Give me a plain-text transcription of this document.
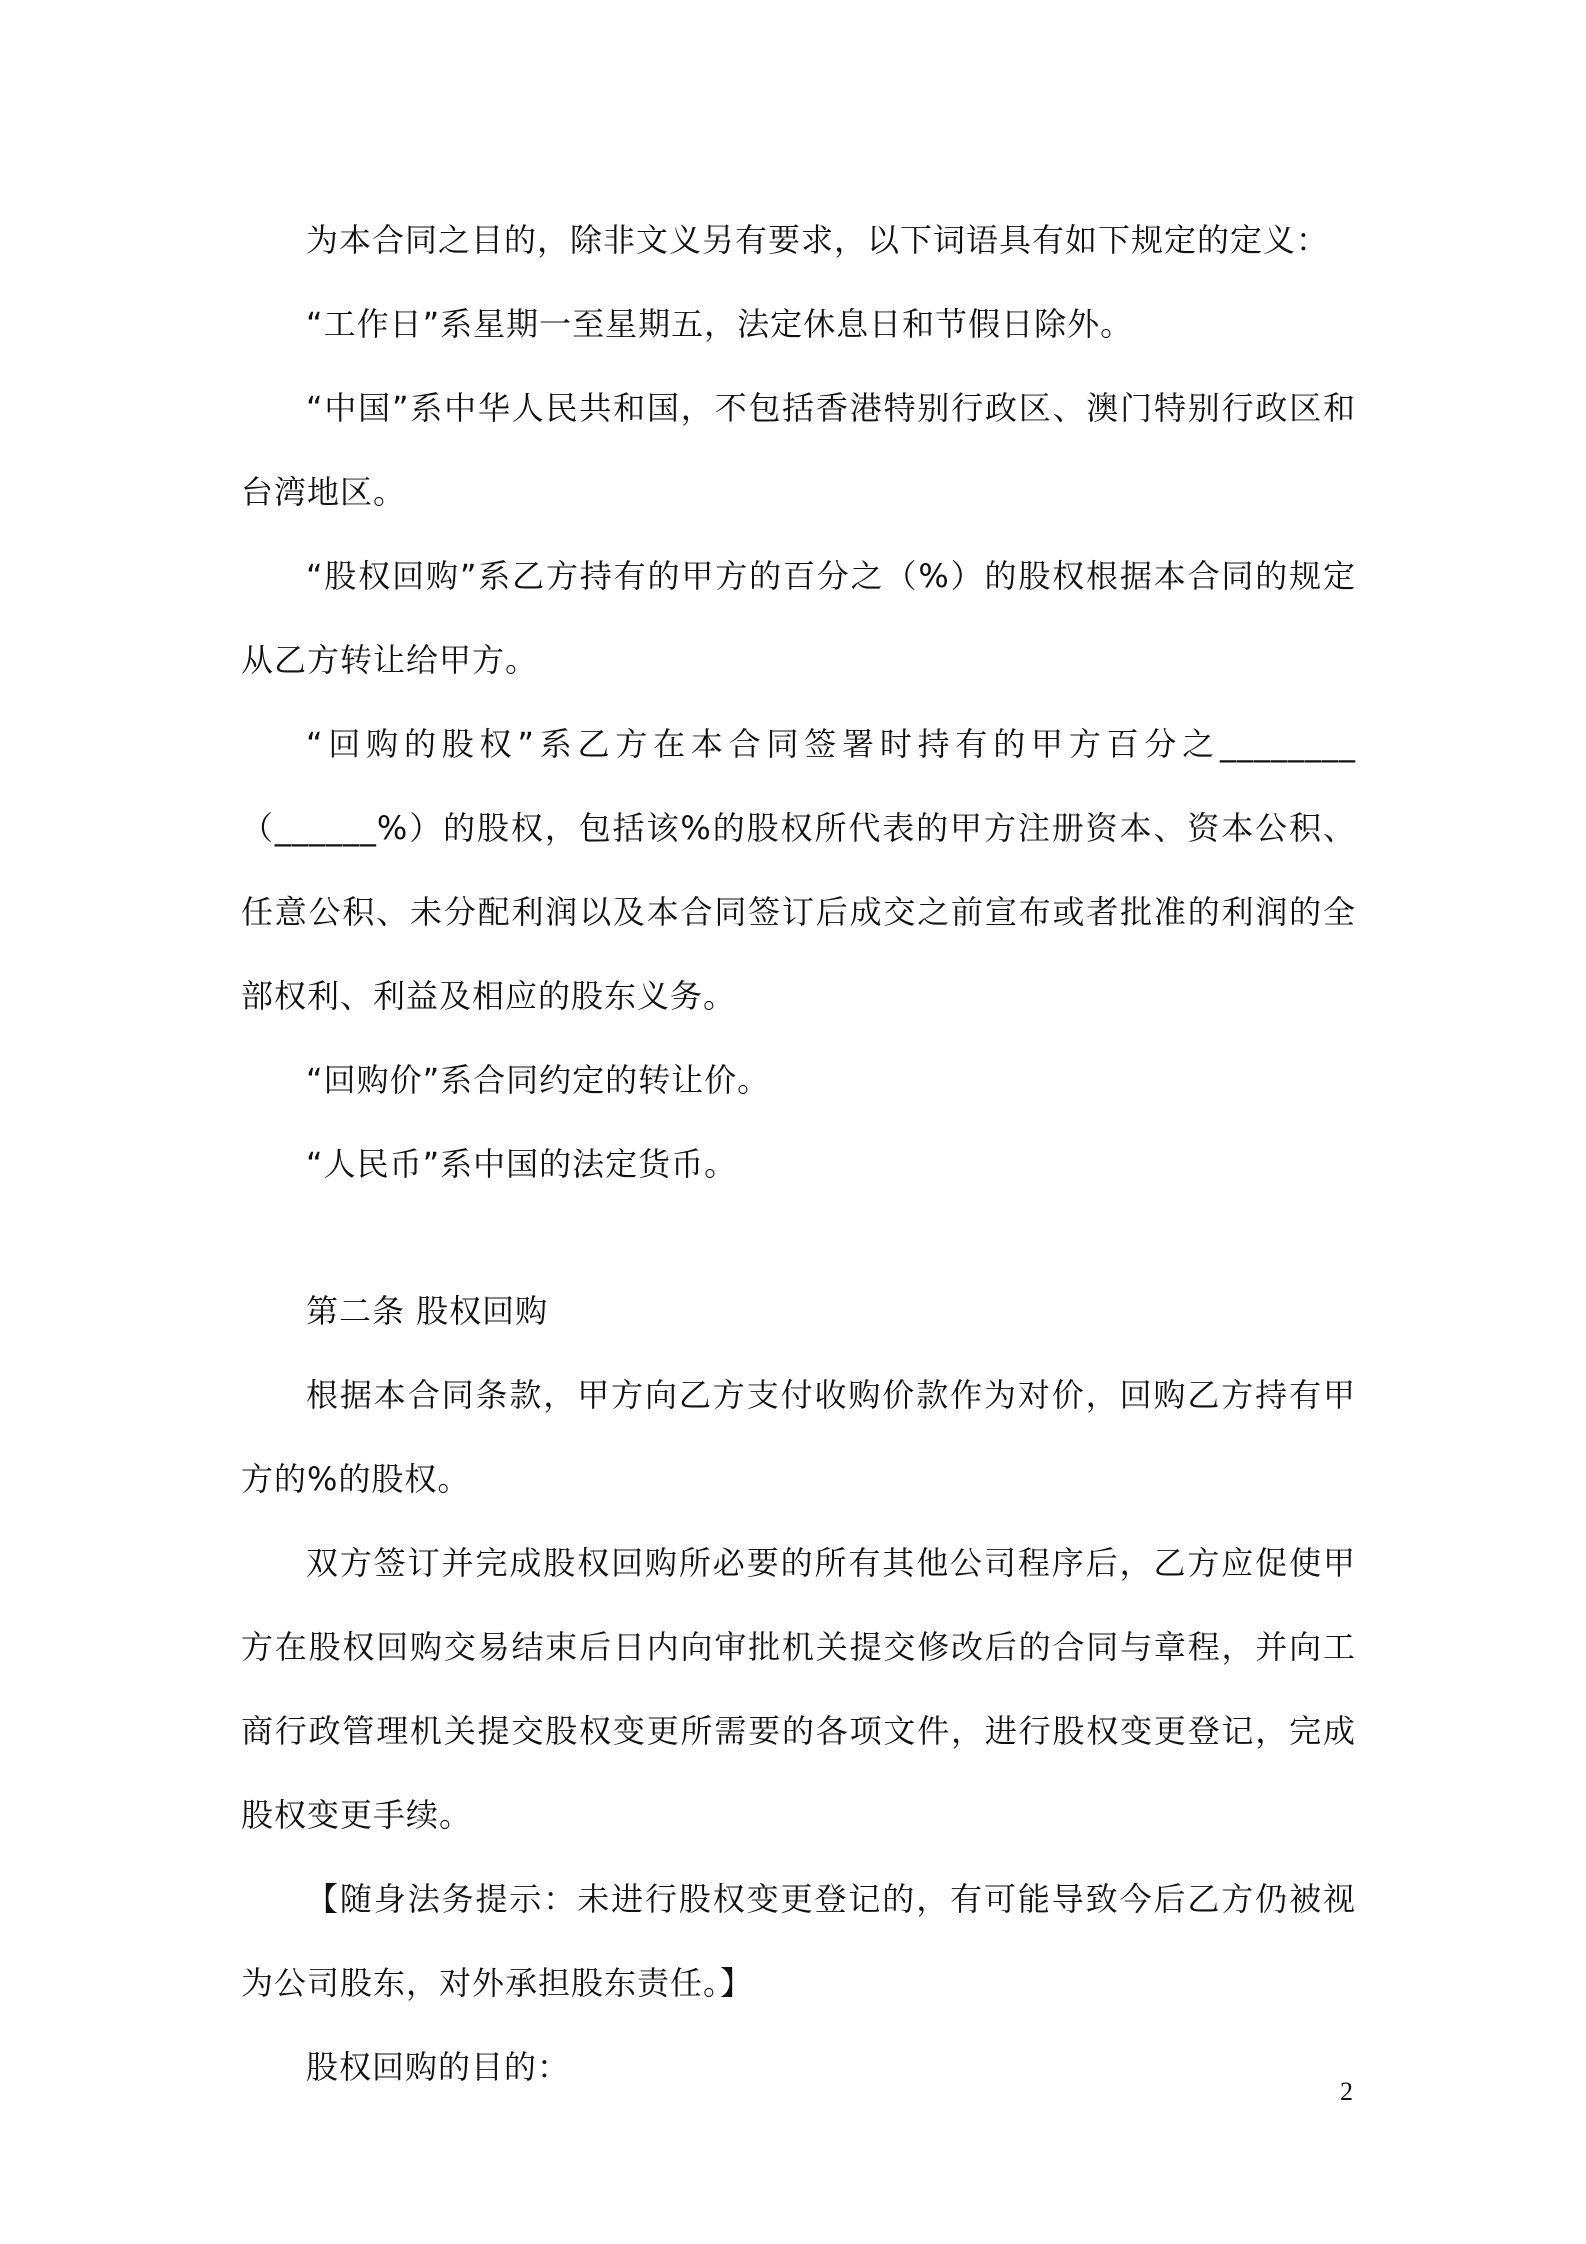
为本合同之目的，除非文义另有要求，以下词语具有如下规定的定义：

“工作日”系星期一至星期五，法定休息日和节假日除外。

“中国”系中华人民共和国，不包括香港特别行政区、澳门特别行政区和台湾地区。

“股权回购”系乙方持有的甲方的百分之（%）的股权根据本合同的规定从乙方转让给甲方。

“回购的股权”系乙方在本合同签署时持有的甲方百分之________（______%）的股权，包括该%的股权所代表的甲方注册资本、资本公积、任意公积、未分配利润以及本合同签订后成交之前宣布或者批准的利润的全部权利、利益及相应的股东义务。

“回购价”系合同约定的转让价。

“人民币”系中国的法定货币。

第二条 股权回购

根据本合同条款，甲方向乙方支付收购价款作为对价，回购乙方持有甲方的%的股权。

双方签订并完成股权回购所必要的所有其他公司程序后，乙方应促使甲方在股权回购交易结束后日内向审批机关提交修改后的合同与章程，并向工商行政管理机关提交股权变更所需要的各项文件，进行股权变更登记，完成股权变更手续。

【随身法务提示：未进行股权变更登记的，有可能导致今后乙方仍被视为公司股东，对外承担股东责任。】

股权回购的目的：

2
